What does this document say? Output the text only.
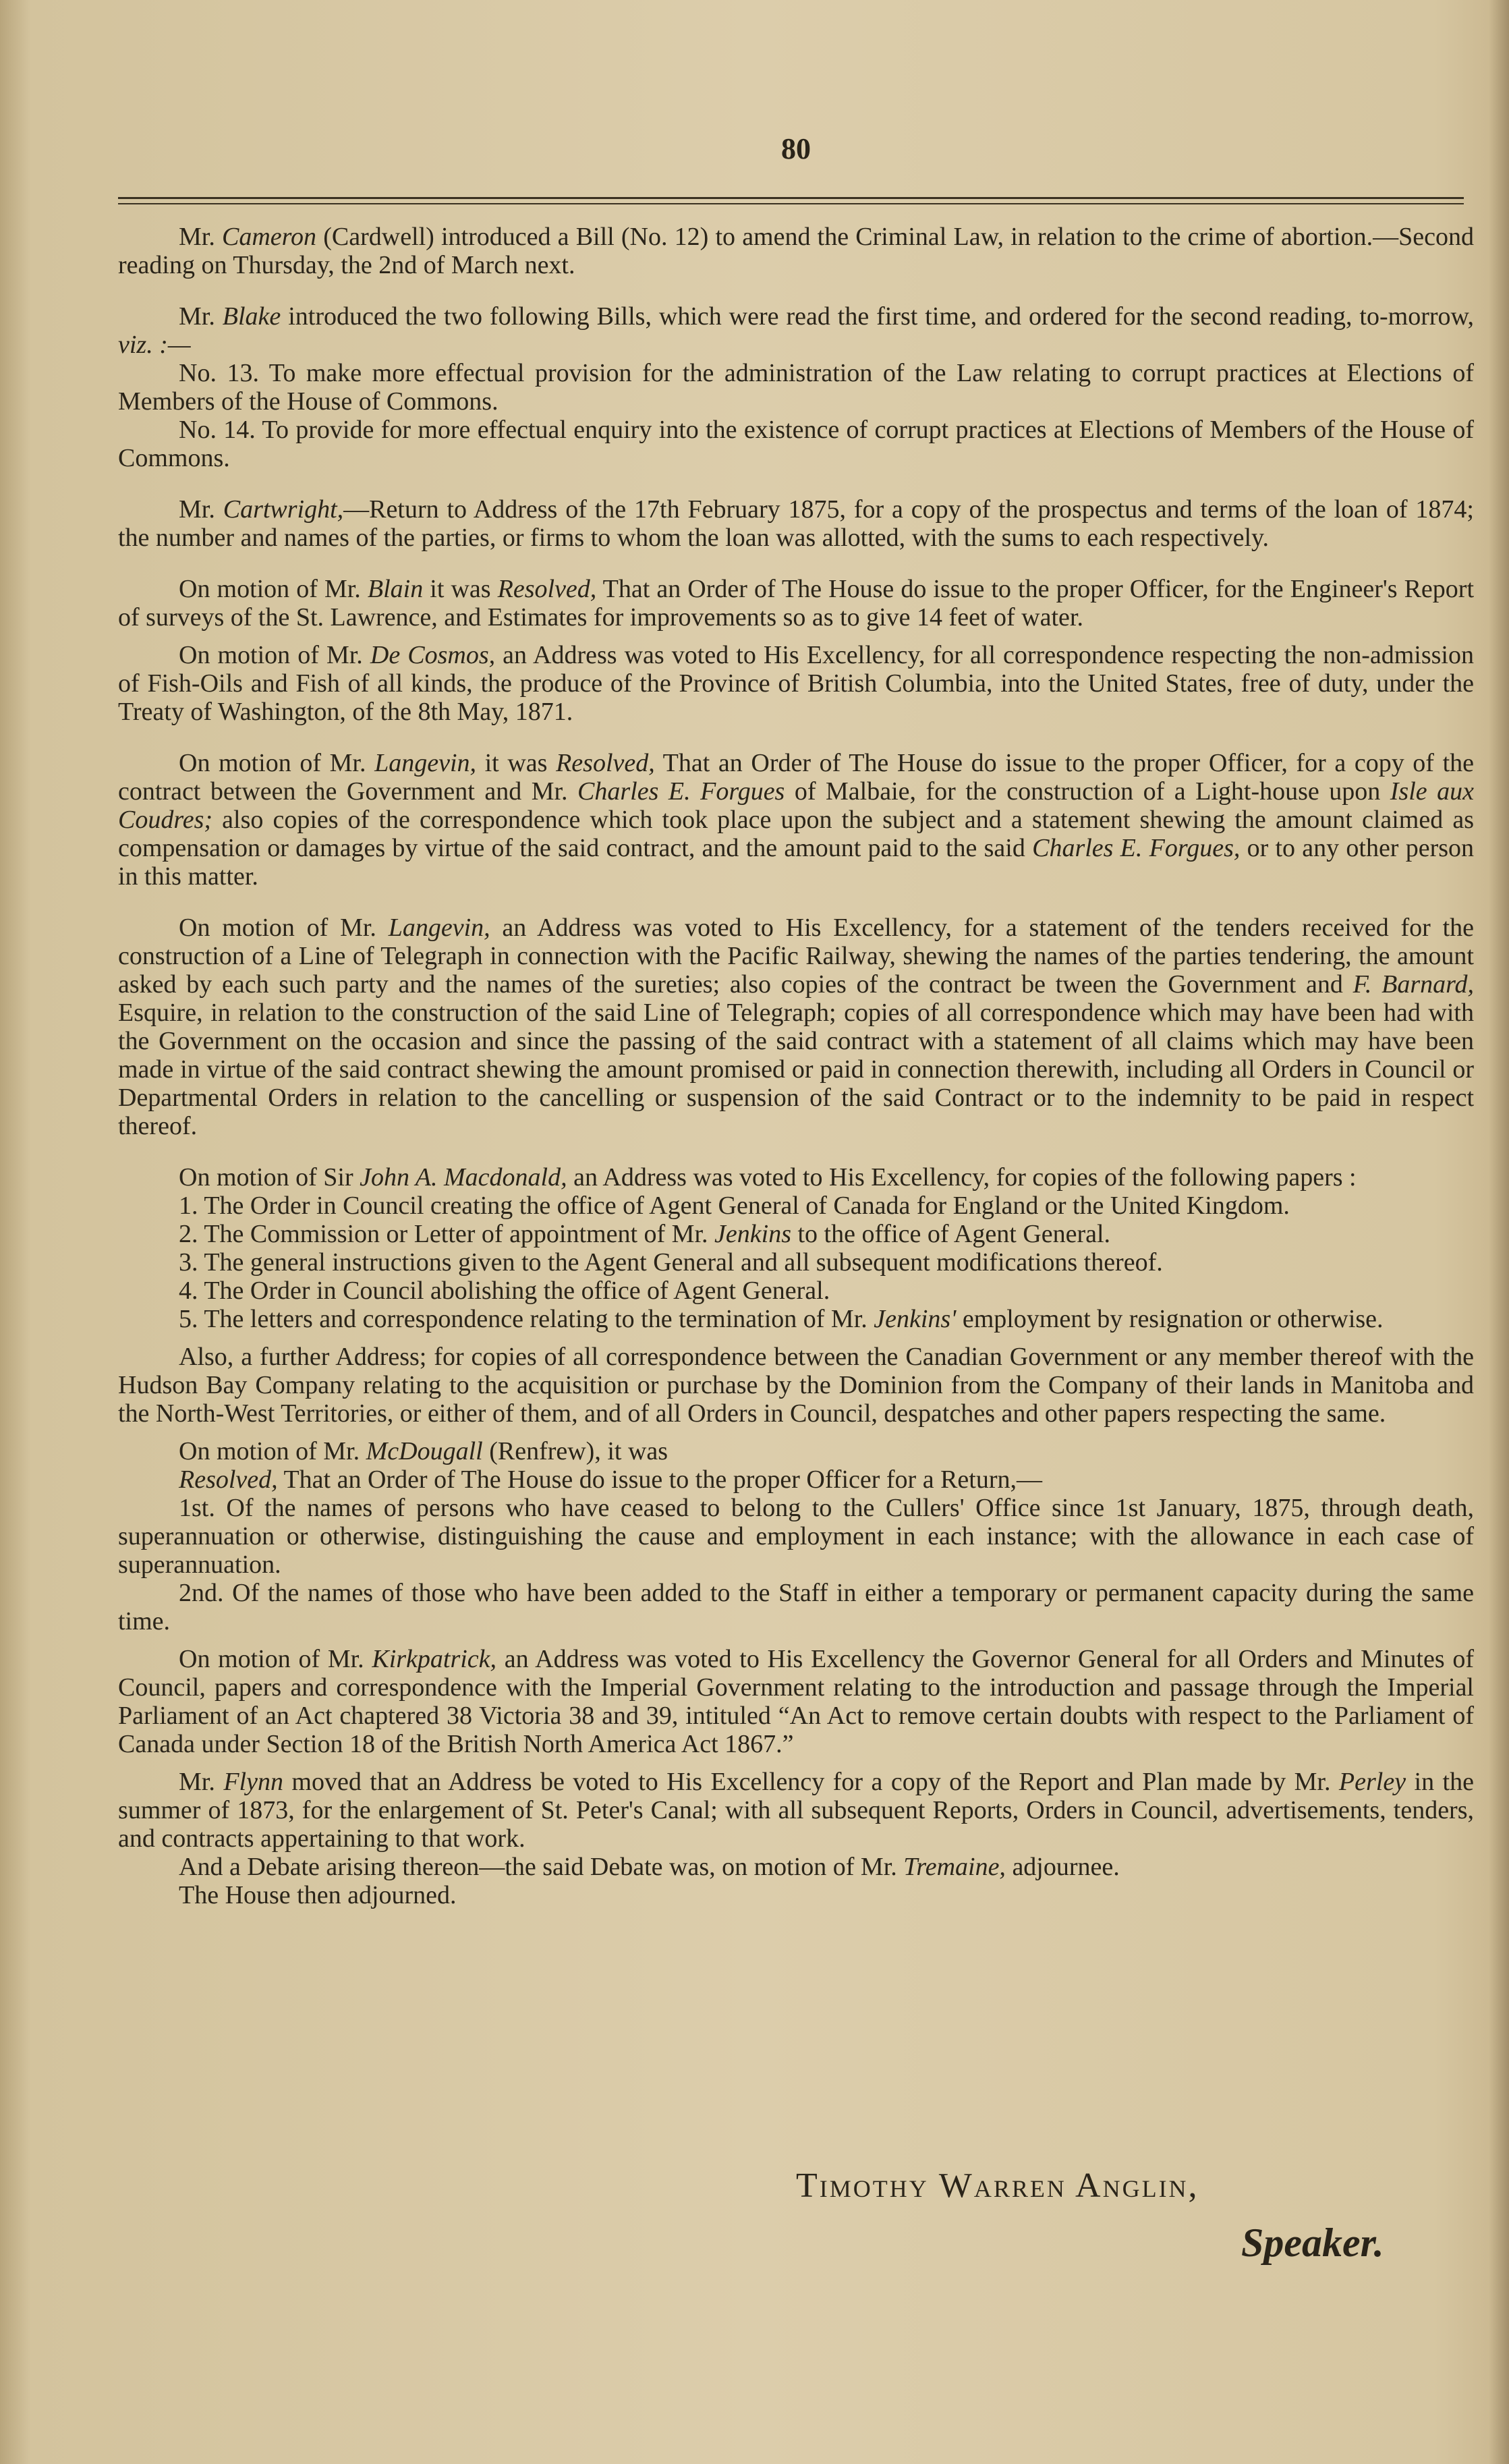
80

Mr. Cameron (Cardwell) introduced a Bill (No. 12) to amend the Criminal Law, in relation to the crime of abortion.—Second reading on Thursday, the 2nd of March next.

Mr. Blake introduced the two following Bills, which were read the first time, and ordered for the second reading, to-morrow, viz. :—

No. 13. To make more effectual provision for the administration of the Law relating to corrupt practices at Elections of Members of the House of Commons.

No. 14. To provide for more effectual enquiry into the existence of corrupt practices at Elections of Members of the House of Commons.

Mr. Cartwright,—Return to Address of the 17th February 1875, for a copy of the prospectus and terms of the loan of 1874; the number and names of the parties, or firms to whom the loan was allotted, with the sums to each respectively.

On motion of Mr. Blain it was Resolved, That an Order of The House do issue to the proper Officer, for the Engineer's Report of surveys of the St. Lawrence, and Estimates for improvements so as to give 14 feet of water.

On motion of Mr. De Cosmos, an Address was voted to His Excellency, for all correspondence respecting the non-admission of Fish-Oils and Fish of all kinds, the produce of the Province of British Columbia, into the United States, free of duty, under the Treaty of Washington, of the 8th May, 1871.

On motion of Mr. Langevin, it was Resolved, That an Order of The House do issue to the proper Officer, for a copy of the contract between the Government and Mr. Charles E. Forgues of Malbaie, for the construction of a Light-house upon Isle aux Coudres; also copies of the correspondence which took place upon the subject and a statement shewing the amount claimed as compensation or damages by virtue of the said contract, and the amount paid to the said Charles E. Forgues, or to any other person in this matter.

On motion of Mr. Langevin, an Address was voted to His Excellency, for a statement of the tenders received for the construction of a Line of Telegraph in connection with the Pacific Railway, shewing the names of the parties tendering, the amount asked by each such party and the names of the sureties; also copies of the contract be tween the Government and F. Barnard, Esquire, in relation to the construction of the said Line of Telegraph; copies of all correspondence which may have been had with the Government on the occasion and since the passing of the said contract with a statement of all claims which may have been made in virtue of the said contract shewing the amount promised or paid in connection therewith, including all Orders in Council or Departmental Orders in relation to the cancelling or suspension of the said Contract or to the indemnity to be paid in respect thereof.

On motion of Sir John A. Macdonald, an Address was voted to His Excellency, for copies of the following papers :

1. The Order in Council creating the office of Agent General of Canada for England or the United Kingdom.

2. The Commission or Letter of appointment of Mr. Jenkins to the office of Agent General.

3. The general instructions given to the Agent General and all subsequent modifications thereof.

4. The Order in Council abolishing the office of Agent General.

5. The letters and correspondence relating to the termination of Mr. Jenkins' employment by resignation or otherwise.

Also, a further Address; for copies of all correspondence between the Canadian Government or any member thereof with the Hudson Bay Company relating to the acquisition or purchase by the Dominion from the Company of their lands in Manitoba and the North-West Territories, or either of them, and of all Orders in Council, despatches and other papers respecting the same.

On motion of Mr. McDougall (Renfrew), it was

Resolved, That an Order of The House do issue to the proper Officer for a Return,—

1st. Of the names of persons who have ceased to belong to the Cullers' Office since 1st January, 1875, through death, superannuation or otherwise, distinguishing the cause and employment in each instance; with the allowance in each case of superannuation.

2nd. Of the names of those who have been added to the Staff in either a temporary or permanent capacity during the same time.

On motion of Mr. Kirkpatrick, an Address was voted to His Excellency the Governor General for all Orders and Minutes of Council, papers and correspondence with the Imperial Government relating to the introduction and passage through the Imperial Parliament of an Act chaptered 38 Victoria 38 and 39, intituled “An Act to remove certain doubts with respect to the Parliament of Canada under Section 18 of the British North America Act 1867.”

Mr. Flynn moved that an Address be voted to His Excellency for a copy of the Report and Plan made by Mr. Perley in the summer of 1873, for the enlargement of St. Peter's Canal; with all subsequent Reports, Orders in Council, advertisements, tenders, and contracts appertaining to that work.

And a Debate arising thereon—the said Debate was, on motion of Mr. Tremaine, adjournee.

The House then adjourned.

Timothy Warren Anglin,
Speaker.
